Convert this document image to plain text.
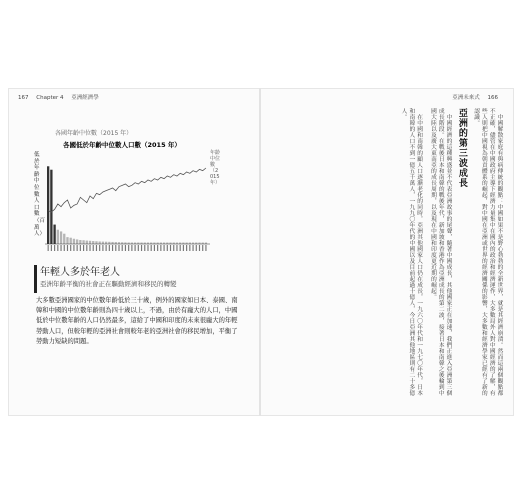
167 Chapter 4 亞洲經濟學	亞洲未來式 166
各國年齡中位數（2015 年）
各國低於年齡中位數人口數（2015 年）
低於年齡中位數人口數（百萬人）
年齡中位數（2015 年）
年輕人多於年老人
亞洲年齡平衡的社會正在驅動經濟和移民的轉變
大多數亞洲國家的中位數年齡低於三十歲，例外的國家如日本、泰國、南韓和中國的中位數年齡則為四十歲以上，不過，由於有龐大的人口，中國低於中位數年齡的人口仍然最多，這給了中國和印度的未來很龐大的年輕勞動人口，但較年輕的亞洲社會則較年老的亞洲社會的移民增加，平衡了勞動力短缺的問題。	中國解散家庭有與病傳統的觀點：中國如果不是野心勃勃的全新世界，就是其經濟崩潰。然而這兩個觀點都不正確，儘管在中國政府主導下經濟力量集中在國內的政治和經濟運作，大多數局外人對中國經濟的了解，有些人則把中國視為朝貢體系的崛起，對中國在亞洲或世界的經濟關係的影響，大多數和經濟學家已經有了新的認識。

亞洲的第三波成長

中國經濟的這種興盛並不代表亞洲故事的尾聲，隨著中國成長，其他國家正在加速，我們正進入亞洲第三個成長階段。在戰後日本和南韓的戰後年代，新加坡和香港作為亞洲成長的第二波，接著日本和南韓之後輪到中國大陸以及廣大東南亞的成長周期，以及現在中國和印度更近期的崛起。

在中國和南韓的顧人口逐漸老化的同時，亞洲其他國家人口仍在成長，一九六〇年代和一九七〇年代，日本和南韓的人口不到一億五千萬人，一九九〇年代的中國以及目前起過十億人，今日亞洲其他地區則有二十多億人。
